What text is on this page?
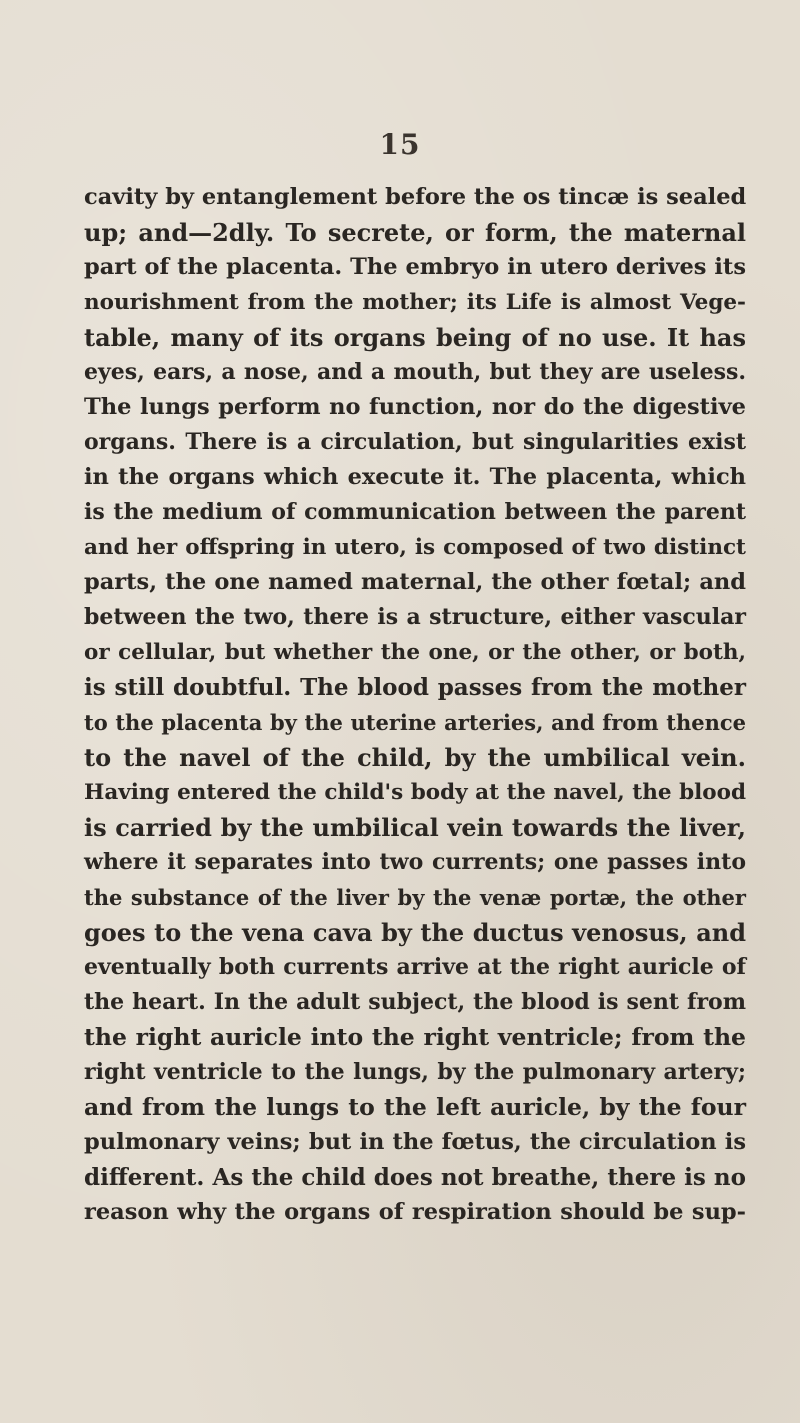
15
cavity by entanglement before the os tincæ is sealed
up; and—2dly. To secrete, or form, the maternal
part of the placenta. The embryo in utero derives its
nourishment from the mother; its Life is almost Vege-
table, many of its organs being of no use. It has
eyes, ears, a nose, and a mouth, but they are useless.
The lungs perform no function, nor do the digestive
organs. There is a circulation, but singularities exist
in the organs which execute it. The placenta, which
is the medium of communication between the parent
and her offspring in utero, is composed of two distinct
parts, the one named maternal, the other fœtal; and
between the two, there is a structure, either vascular
or cellular, but whether the one, or the other, or both,
is still doubtful. The blood passes from the mother
to the placenta by the uterine arteries, and from thence
to the navel of the child, by the umbilical vein.
Having entered the child's body at the navel, the blood
is carried by the umbilical vein towards the liver,
where it separates into two currents; one passes into
the substance of the liver by the venæ portæ, the other
goes to the vena cava by the ductus venosus, and
eventually both currents arrive at the right auricle of
the heart. In the adult subject, the blood is sent from
the right auricle into the right ventricle; from the
right ventricle to the lungs, by the pulmonary artery;
and from the lungs to the left auricle, by the four
pulmonary veins; but in the fœtus, the circulation is
different. As the child does not breathe, there is no
reason why the organs of respiration should be sup-
